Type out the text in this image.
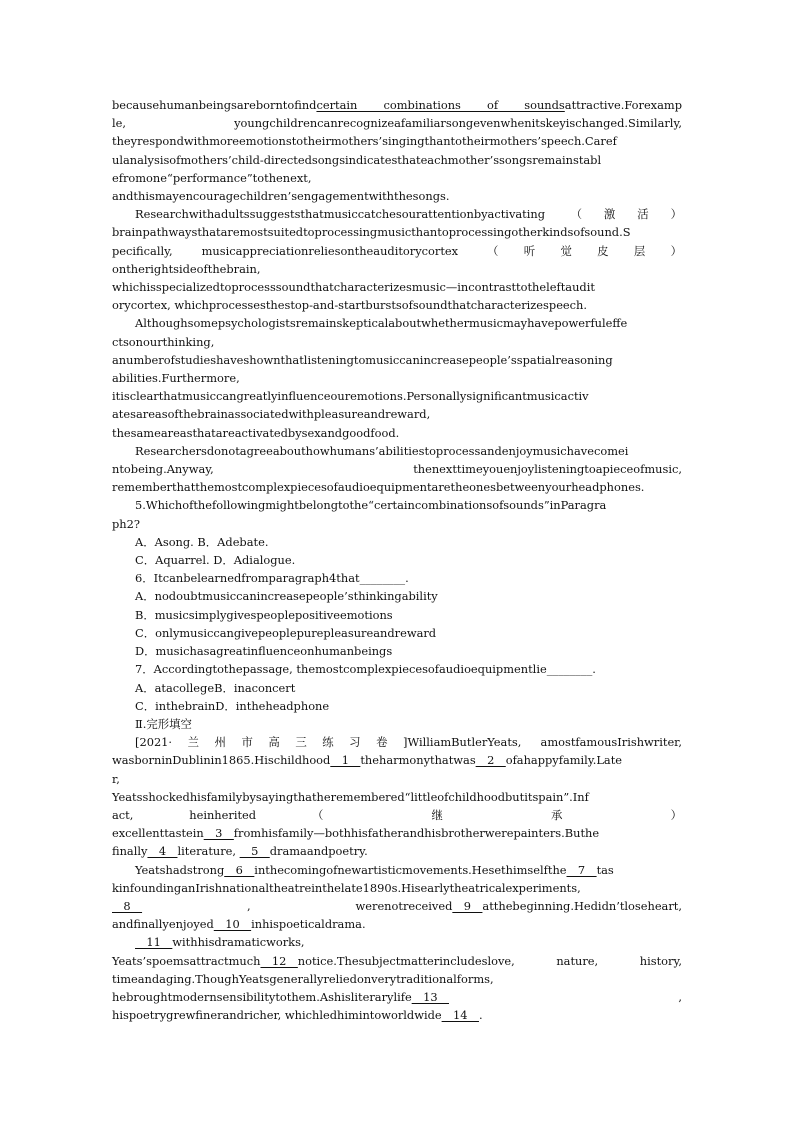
becausehumanbeingsareborntofindcertain combinations of soundsattractive.Forexamp

le, youngchildrencanrecognizeafamiliarsongevenwhenitskeyischanged.Similarly,

theyrespondwithmoreemotionstotheirmothers’singingthantotheirmothers’speech.Caref

ulanalysisofmothers’child-directedsongsindicatesthateachmother’ssongsremainstabl

efromone“performance”tothenext,

andthismayencouragechildren’sengagementwiththesongs.

Researchwithadultssuggeststhatmusiccatchesourattentionbyactivating （激活）

brainpathwaysthataremostsuitedtoprocessingmusicthantoprocessingotherkindsofsound.S

pecifically, musicappreciationreliesontheauditorycortex （听觉皮层）

ontherightsideofthebrain,

whichisspecializedtoprocesssoundthatcharacterizesmusic—incontrasttotheleftaudit

orycortex, whichprocessesthestop-and-startburstsofsoundthatcharacterizespeech.

Althoughsomepsychologistsremainskepticalaboutwhethermusicmayhavepowerfuleffe

ctsonourthinking,

anumberofstudieshaveshownthatlisteningtomusiccanincreasepeople’sspatialreasoning

abilities.Furthermore,

itisclearthatmusiccangreatlyinfluenceouremotions.Personallysignificantmusicactiv

atesareasofthebrainassociatedwithpleasureandreward,

thesameareasthatareactivatedbysexandgoodfood.

Researchersdonotagreeabouthowhumans’abilitiestoprocessandenjoymusichavecomei

ntobeing.Anyway, thenexttimeyouenjoylisteningtoapieceofmusic,

rememberthatthemostcomplexpiecesofaudioequipmentaretheonesbetweenyourheadphones.

5.Whichofthefollowingmightbelongtothe“certaincombinationsofsounds”inParagra

ph2?

A．Asong. B．Adebate.

C．Aquarrel. D．Adialogue.

6．Itcanbelearnedfromparagraph4that________.

A．nodoubtmusiccanincreasepeople’sthinkingability

B．musicsimplygivespeoplepositiveemotions

C．onlymusiccangivepeoplepurepleasureandreward

D．musichasagreatinfluenceonhumanbeings

7．Accordingtothepassage, themostcomplexpiecesofaudioequipmentlie________.

A．atacollegeB．inaconcert

C．inthebrainD．intheheadphone

Ⅱ.完形填空

[2021·兰州市高三练习卷]WilliamButlerYeats, amostfamousIrishwriter,

wasborninDublinin1865.Hischildhood__1__theharmonythatwas__2__ofahappyfamily.Late

r,

Yeatsshockedhisfamilybysayingthatheremembered“littleofchildhoodbutitspain”.Inf

act, heinherited （ 继 承 ）

excellenttastein__3__fromhisfamily—bothhisfatherandhisbrotherwerepainters.Buthe

finally__4__literature, __5__dramaandpoetry.

Yeatshadstrong__6__inthecomingofnewartisticmovements.Hesethimselfthe__7__tas

kinfoundinganIrishnationaltheatreinthelate1890s.Hisearlytheatricalexperiments,

__8__ , werenotreceived__9__atthebeginning.Hedidn’tloseheart,

andfinallyenjoyed__10__inhispoeticaldrama.

__11__withhisdramaticworks,

Yeats’spoemsattractmuch__12__notice.Thesubjectmatterincludeslove, nature, history,

timeandaging.ThoughYeatsgenerallyreliedonverytraditionalforms,

hebroughtmodernsensibilitytothem.Ashisliterarylife__13__ ,

hispoetrygrewfinerandricher, whichledhimintoworldwide__14__.
